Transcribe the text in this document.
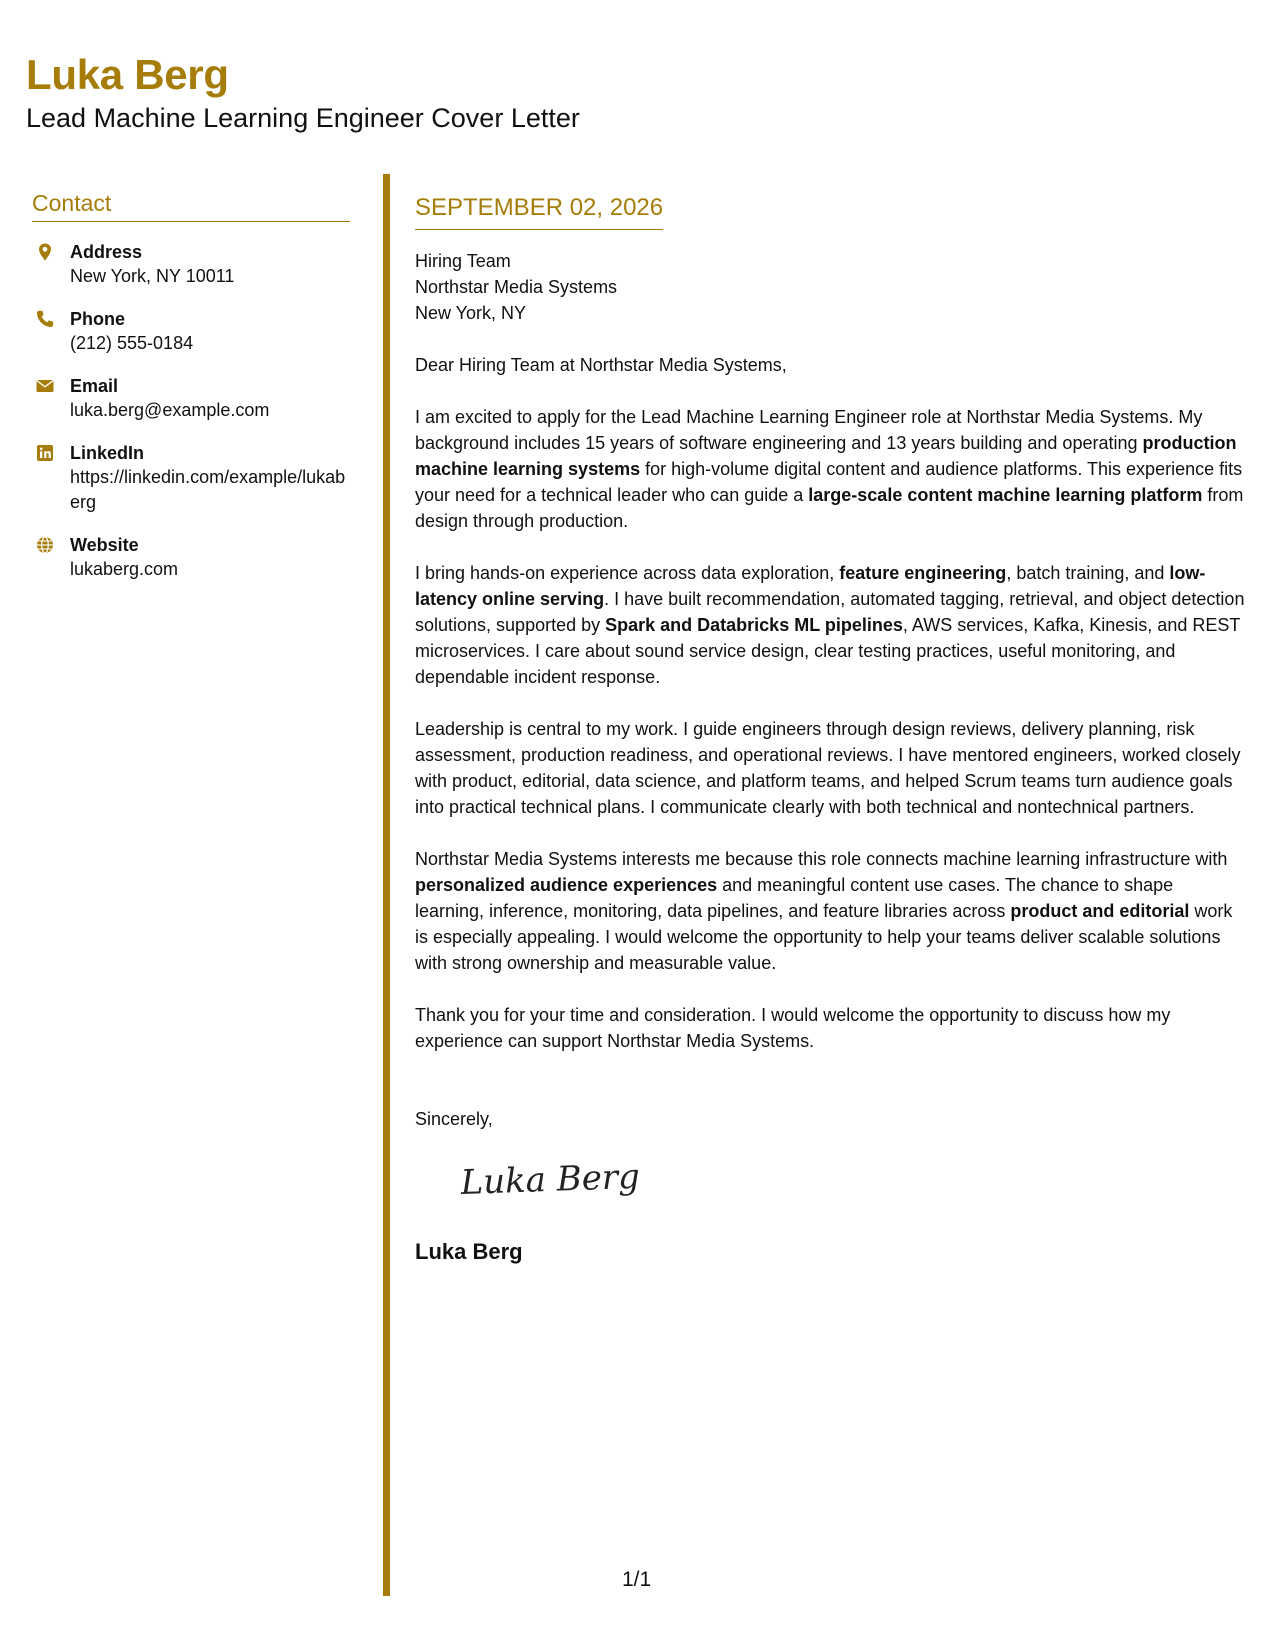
Luka Berg
Lead Machine Learning Engineer Cover Letter
Contact
Address
New York, NY 10011
Phone
(212) 555-0184
Email
luka.berg@example.com
LinkedIn
https://linkedin.com/example/lukaberg
Website
lukaberg.com
SEPTEMBER 02, 2026
Hiring Team
Northstar Media Systems
New York, NY
Dear Hiring Team at Northstar Media Systems,
I am excited to apply for the Lead Machine Learning Engineer role at Northstar Media Systems. My background includes 15 years of software engineering and 13 years building and operating production machine learning systems for high-volume digital content and audience platforms. This experience fits your need for a technical leader who can guide a large-scale content machine learning platform from design through production.
I bring hands-on experience across data exploration, feature engineering, batch training, and low-latency online serving. I have built recommendation, automated tagging, retrieval, and object detection solutions, supported by Spark and Databricks ML pipelines, AWS services, Kafka, Kinesis, and REST microservices. I care about sound service design, clear testing practices, useful monitoring, and dependable incident response.
Leadership is central to my work. I guide engineers through design reviews, delivery planning, risk assessment, production readiness, and operational reviews. I have mentored engineers, worked closely with product, editorial, data science, and platform teams, and helped Scrum teams turn audience goals into practical technical plans. I communicate clearly with both technical and nontechnical partners.
Northstar Media Systems interests me because this role connects machine learning infrastructure with personalized audience experiences and meaningful content use cases. The chance to shape learning, inference, monitoring, data pipelines, and feature libraries across product and editorial work is especially appealing. I would welcome the opportunity to help your teams deliver scalable solutions with strong ownership and measurable value.
Thank you for your time and consideration. I would welcome the opportunity to discuss how my experience can support Northstar Media Systems.
Sincerely,
Luka Berg
Luka Berg
1/1
